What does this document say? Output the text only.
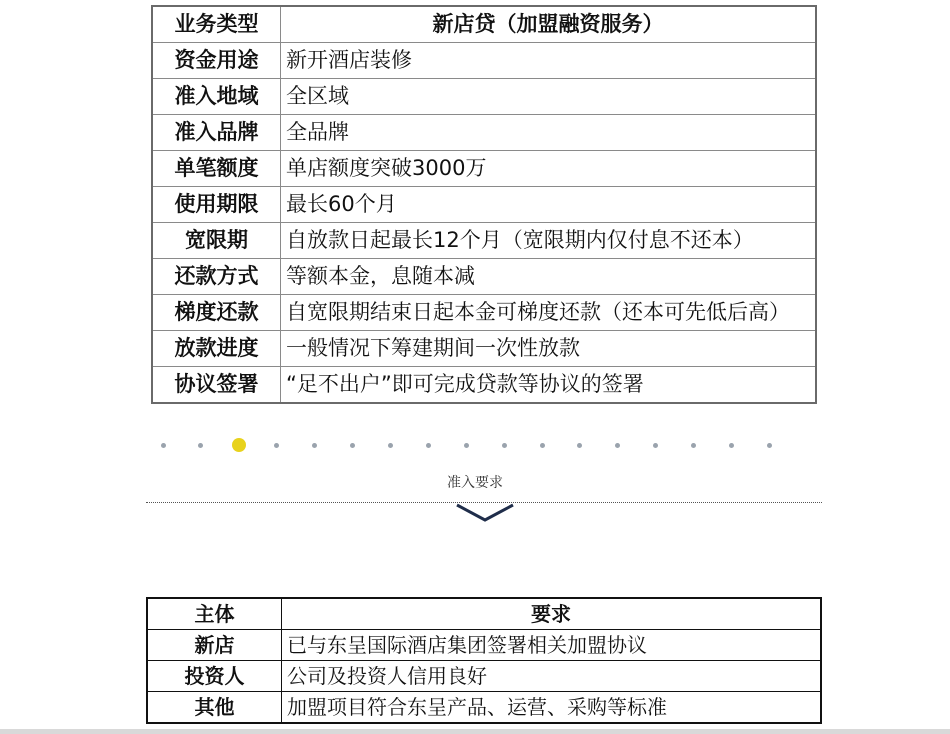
业务类型	新店贷（加盟融资服务）
资金用途	新开酒店装修
准入地域	全区域
准入品牌	全品牌
单笔额度	单店额度突破3000万
使用期限	最长60个月
宽限期	自放款日起最长12个月（宽限期内仅付息不还本）
还款方式	等额本金，息随本减
梯度还款	自宽限期结束日起本金可梯度还款（还本可先低后高）
放款进度	一般情况下筹建期间一次性放款
协议签署	“足不出户”即可完成贷款等协议的签署
准入要求
主体	要求
新店	已与东呈国际酒店集团签署相关加盟协议
投资人	公司及投资人信用良好
其他	加盟项目符合东呈产品、运营、采购等标准
